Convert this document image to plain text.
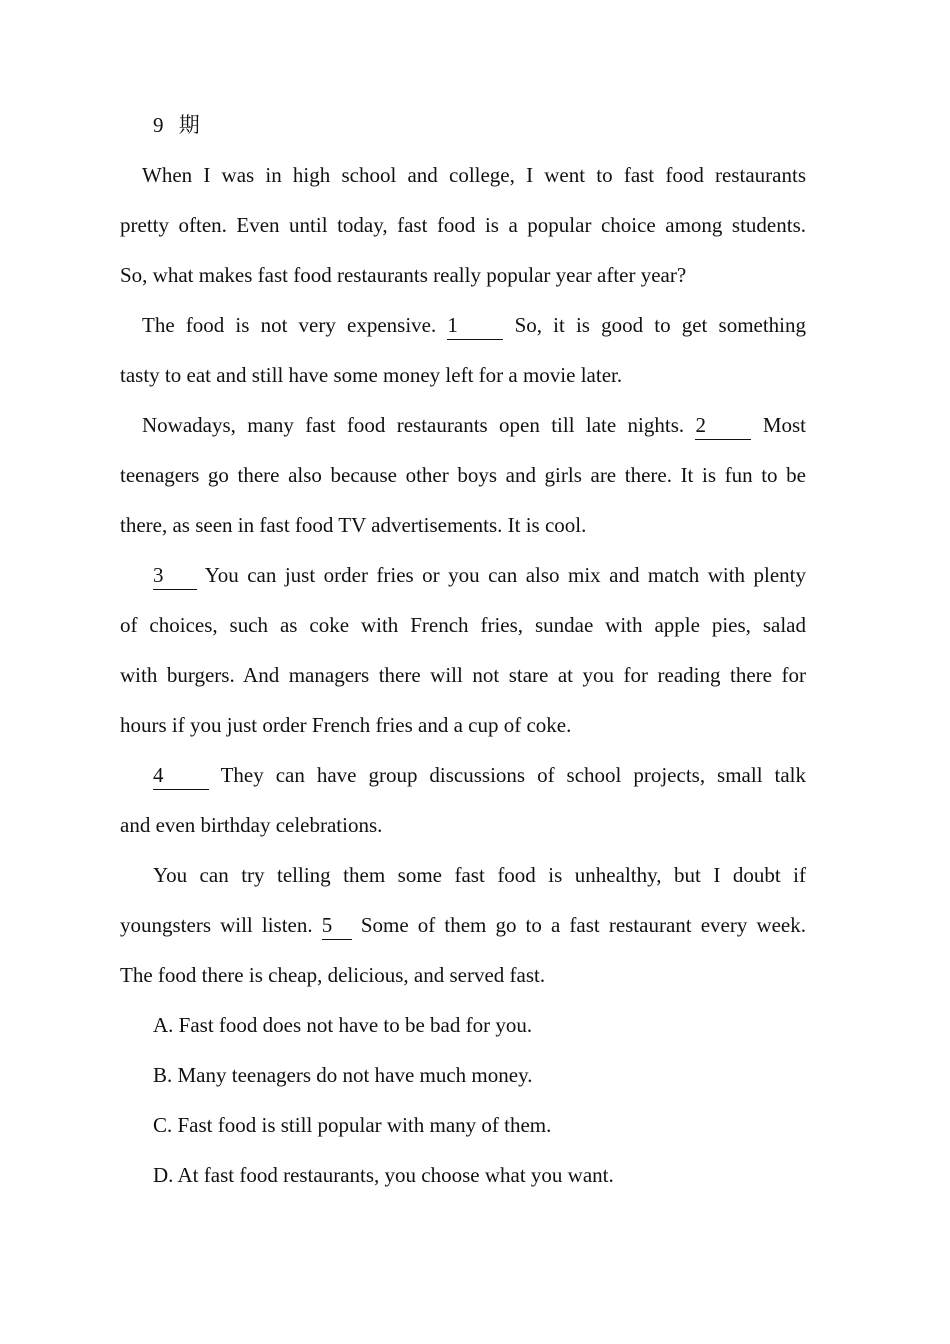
9 期
When I was in high school and college, I went to fast food restaurants
pretty often. Even until today, fast food is a popular choice among students.
So, what makes fast food restaurants really popular year after year?
The food is not very expensive. 1	So, it is good to get something
tasty to eat and still have some money left for a movie later.
Nowadays, many fast food restaurants open till late nights. 2	Most
teenagers go there also because other boys and girls are there. It is fun to be
there, as seen in fast food TV advertisements. It is cool.
3 You can just order fries or you can also mix and match with plenty
of choices, such as coke with French fries, sundae with apple pies, salad
with burgers. And managers there will not stare at you for reading there for
hours if you just order French fries and a cup of coke.
4	They can have group discussions of school projects, small talk
and even birthday celebrations.
You can try telling them some fast food is unhealthy, but I doubt if
youngsters will listen. 5 Some of them go to a fast restaurant every week.
The food there is cheap, delicious, and served fast.
A. Fast food does not have to be bad for you.
B. Many teenagers do not have much money.
C. Fast food is still popular with many of them.
D. At fast food restaurants, you choose what you want.
